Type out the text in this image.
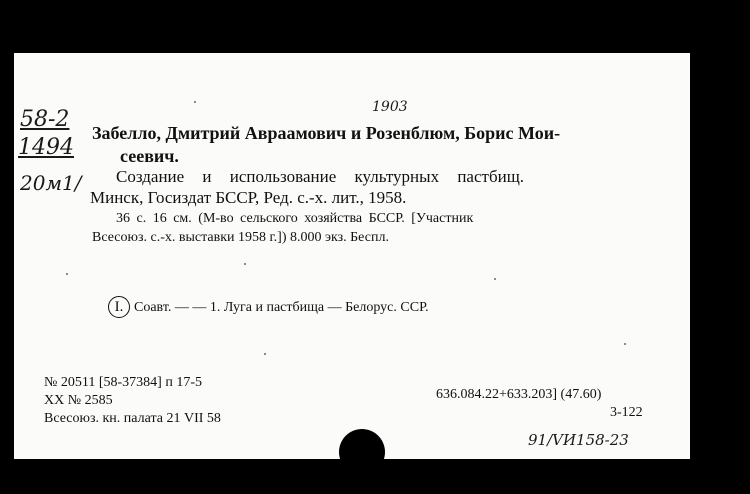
1903
58-2
1494
20м1/
Забелло, Дмитрий Авраамович и Розенблюм, Борис Мои-
сеевич.
Создание и использование культурных пастбищ.
Минск, Госиздат БССР, Ред. с.-х. лит., 1958.
36 с. 16 см. (М-во сельского хозяйства БССР. [Участник
Всесоюз. с.-х. выставки 1958 г.]) 8.000 экз. Беспл.
I. Соавт. — — 1. Луга и пастбища — Белорус. ССР.
№ 20511 [58-37384] п 17-5
XX № 2585
Всесоюз. кн. палата 21 VII 58
636.084.22+633.203] (47.60)
3-122
91/VИ158-23
